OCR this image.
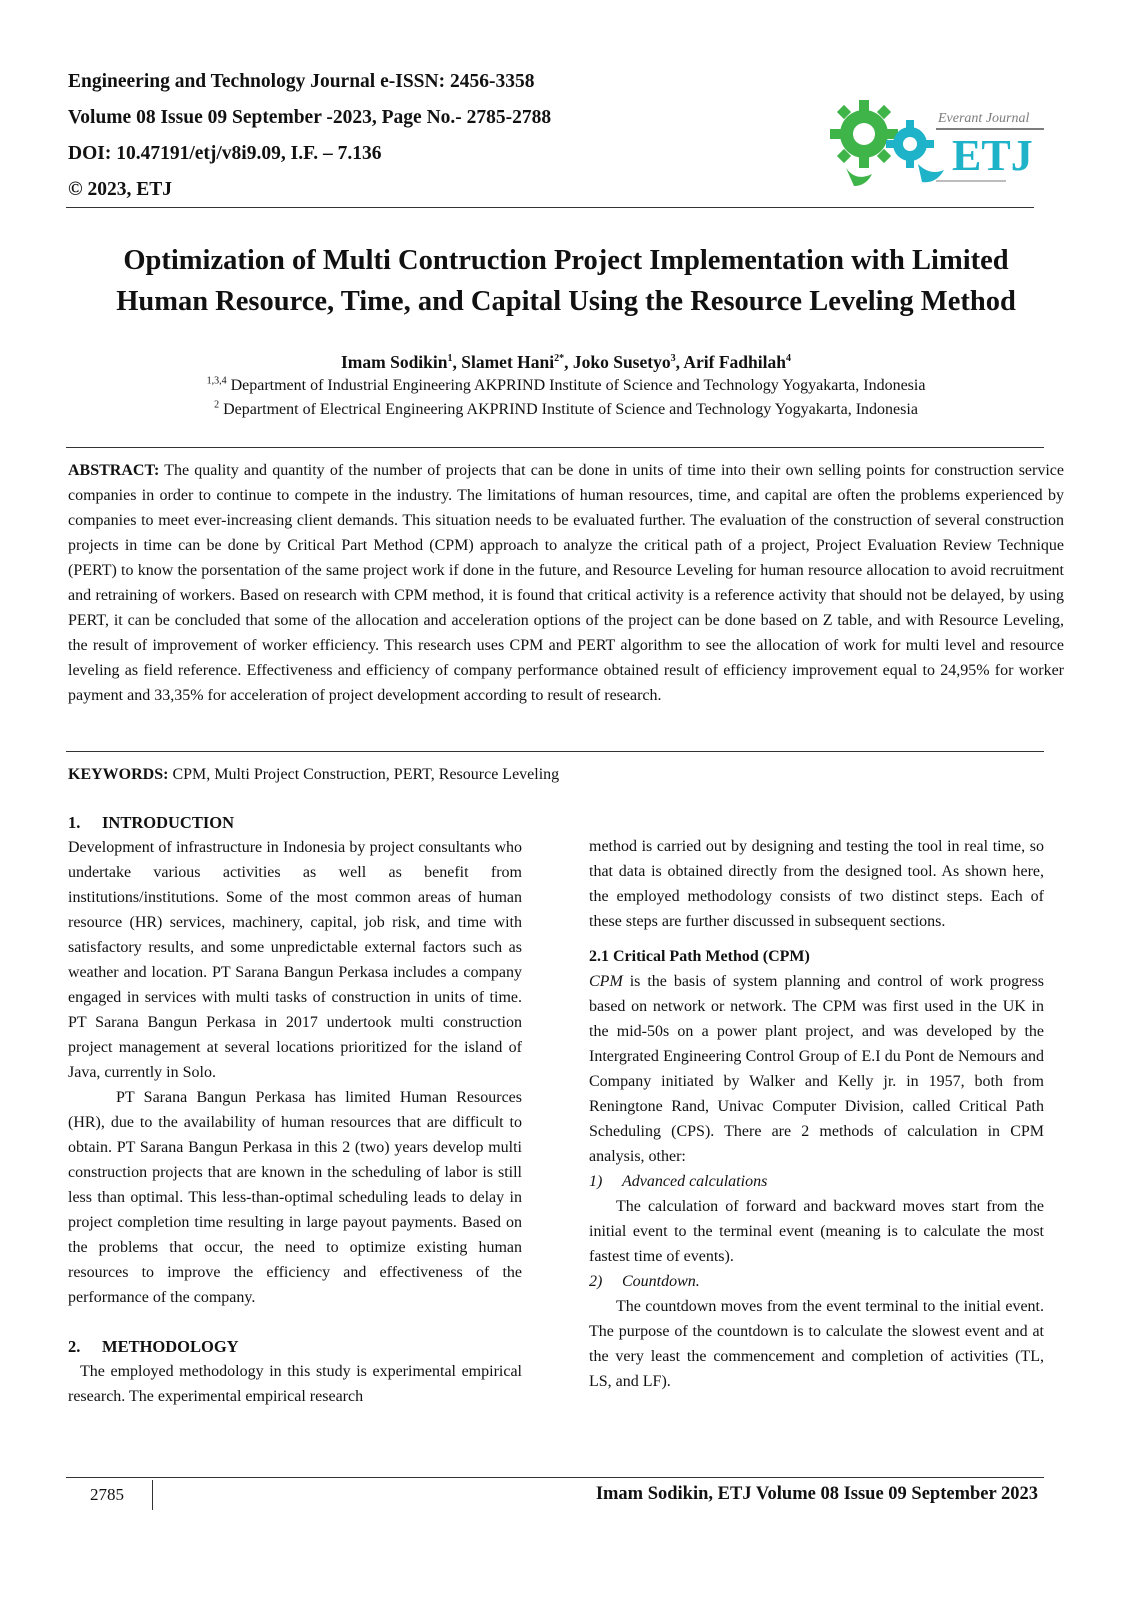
Engineering and Technology Journal e-ISSN: 2456-3358
Volume 08 Issue 09 September -2023, Page No.- 2785-2788
DOI: 10.47191/etj/v8i9.09, I.F. – 7.136
© 2023, ETJ
ETJ
Everant Journal
Optimization of Multi Contruction Project Implementation with Limited
Human Resource, Time, and Capital Using the Resource Leveling Method
Imam Sodikin$^1$, Slamet Hani$^{2*}$, Joko Susetyo$^3$, Arif Fadhilah$^4$
$^{1,3,4}$ Department of Industrial Engineering AKPRIND Institute of Science and Technology Yogyakarta, Indonesia
$^2$ Department of Electrical Engineering AKPRIND Institute of Science and Technology Yogyakarta, Indonesia
ABSTRACT: The quality and quantity of the number of projects that can be done in units of time into their own selling points for construction service companies in order to continue to compete in the industry. The limitations of human resources, time, and capital are often the problems experienced by companies to meet ever-increasing client demands. This situation needs to be evaluated further. The evaluation of the construction of several construction projects in time can be done by Critical Part Method (CPM) approach to analyze the critical path of a project, Project Evaluation Review Technique (PERT) to know the porsentation of the same project work if done in the future, and Resource Leveling for human resource allocation to avoid recruitment and retraining of workers. Based on research with CPM method, it is found that critical activity is a reference activity that should not be delayed, by using PERT, it can be concluded that some of the allocation and acceleration options of the project can be done based on Z table, and with Resource Leveling, the result of improvement of worker efficiency. This research uses CPM and PERT algorithm to see the allocation of work for multi level and resource leveling as field reference. Effectiveness and efficiency of company performance obtained result of efficiency improvement equal to 24,95% for worker payment and 33,35% for acceleration of project development according to result of research.
KEYWORDS: CPM, Multi Project Construction, PERT, Resource Leveling
1. INTRODUCTION

Development of infrastructure in Indonesia by project consultants who undertake various activities as well as benefit from institutions/institutions. Some of the most common areas of human resource (HR) services, machinery, capital, job risk, and time with satisfactory results, and some unpredictable external factors such as weather and location. PT Sarana Bangun Perkasa includes a company engaged in services with multi tasks of construction in units of time. PT Sarana Bangun Perkasa in 2017 undertook multi construction project management at several locations prioritized for the island of Java, currently in Solo.

PT Sarana Bangun Perkasa has limited Human Resources (HR), due to the availability of human resources that are difficult to obtain. PT Sarana Bangun Perkasa in this 2 (two) years develop multi construction projects that are known in the scheduling of labor is still less than optimal. This less-than-optimal scheduling leads to delay in project completion time resulting in large payout payments. Based on the problems that occur, the need to optimize existing human resources to improve the efficiency and effectiveness of the performance of the company.

2. METHODOLOGY

The employed methodology in this study is experimental empirical research. The experimental empirical research

method is carried out by designing and testing the tool in real time, so that data is obtained directly from the designed tool. As shown here, the employed methodology consists of two distinct steps. Each of these steps are further discussed in subsequent sections.

2.1 Critical Path Method (CPM)

CPM is the basis of system planning and control of work progress based on network or network. The CPM was first used in the UK in the mid-50s on a power plant project, and was developed by the Intergrated Engineering Control Group of E.I du Pont de Nemours and Company initiated by Walker and Kelly jr. in 1957, both from Reningtone Rand, Univac Computer Division, called Critical Path Scheduling (CPS). There are 2 methods of calculation in CPM analysis, other:

1) Advanced calculations

The calculation of forward and backward moves start from the initial event to the terminal event (meaning is to calculate the most fastest time of events).

2) Countdown.

The countdown moves from the event terminal to the initial event. The purpose of the countdown is to calculate the slowest event and at the very least the commencement and completion of activities (TL, LS, and LF).

2785	Imam Sodikin, ETJ Volume 08 Issue 09 September 2023
